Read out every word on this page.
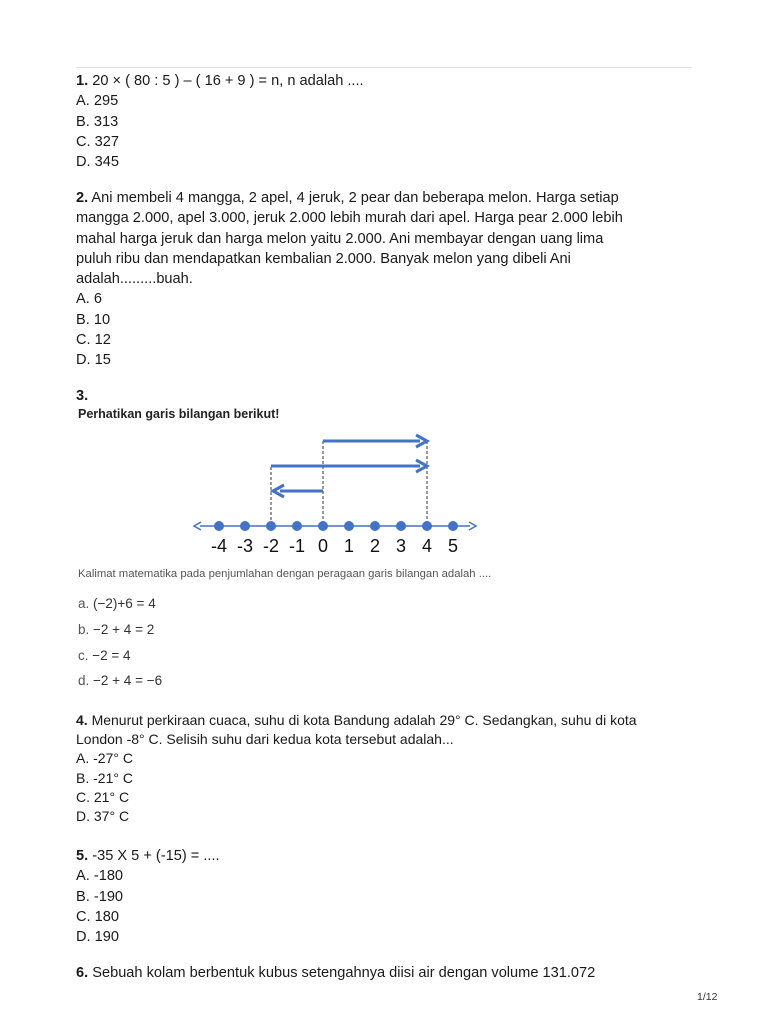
1. 20 × ( 80 : 5 ) – ( 16 + 9 ) = n, n adalah ....
A. 295
B. 313
C. 327
D. 345
2. Ani membeli 4 mangga, 2 apel, 4 jeruk, 2 pear dan beberapa melon. Harga setiap
mangga 2.000, apel 3.000, jeruk 2.000 lebih murah dari apel. Harga pear 2.000 lebih
mahal harga jeruk dan harga melon yaitu 2.000. Ani membayar dengan uang lima
puluh ribu dan mendapatkan kembalian 2.000. Banyak melon yang dibeli Ani
adalah.........buah.
A. 6
B. 10
C. 12
D. 15
3.
Perhatikan garis bilangan berikut!
-4 -3 -2 -1 0 1 2 3 4 5
Kalimat matematika pada penjumlahan dengan peragaan garis bilangan adalah ....
a. (−2)+6 = 4
b. −2 + 4 = 2
c. −2 = 4
d. −2 + 4 = −6
4. Menurut perkiraan cuaca, suhu di kota Bandung adalah 29° C. Sedangkan, suhu di kota
London -8° C. Selisih suhu dari kedua kota tersebut adalah...
A. -27° C
B. -21° C
C. 21° C
D. 37° C
5. -35 X 5 + (-15) = ....
A. -180
B. -190
C. 180
D. 190
6. Sebuah kolam berbentuk kubus setengahnya diisi air dengan volume 131.072
1/12
